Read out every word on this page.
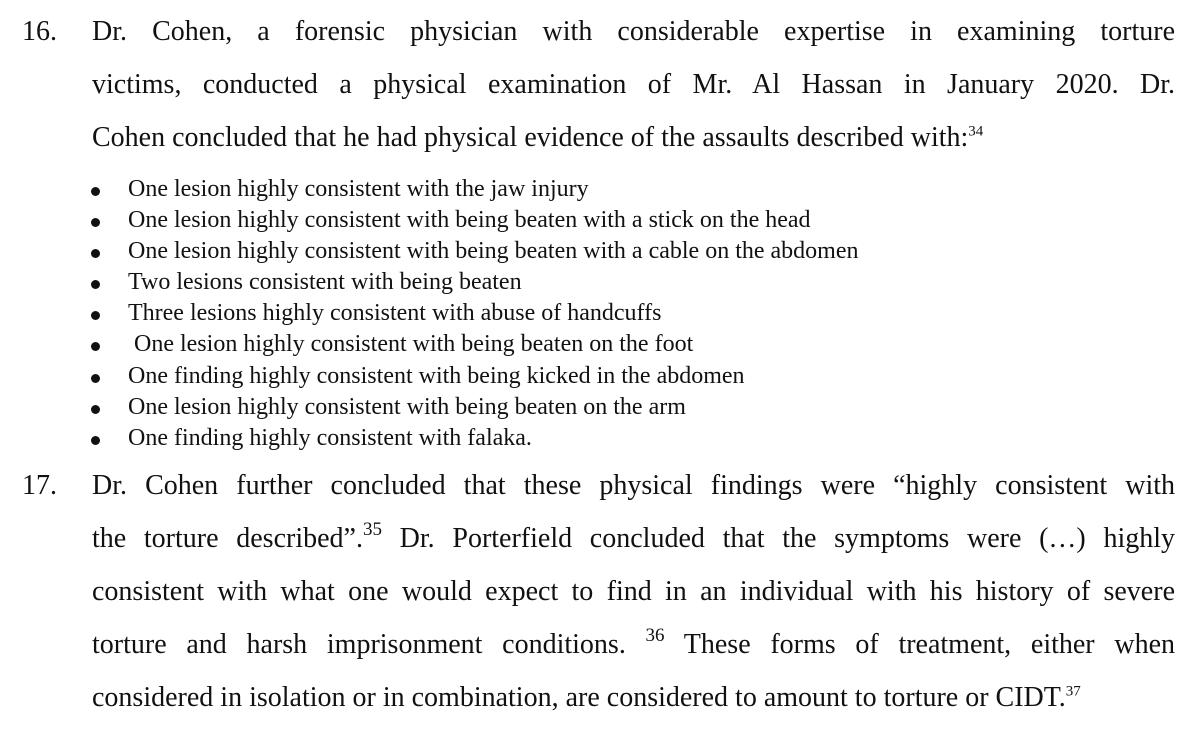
16. Dr. Cohen, a forensic physician with considerable expertise in examining torture
victims, conducted a physical examination of Mr. Al Hassan in January 2020. Dr.
Cohen concluded that he had physical evidence of the assaults described with:$^{34}$
One lesion highly consistent with the jaw injury
One lesion highly consistent with being beaten with a stick on the head
One lesion highly consistent with being beaten with a cable on the abdomen
Two lesions consistent with being beaten
Three lesions highly consistent with abuse of handcuffs
One lesion highly consistent with being beaten on the foot
One finding highly consistent with being kicked in the abdomen
One lesion highly consistent with being beaten on the arm
One finding highly consistent with falaka.
17. Dr. Cohen further concluded that these physical findings were “highly consistent with
the torture described”.$^{35}$ Dr. Porterfield concluded that the symptoms were (…) highly
consistent with what one would expect to find in an individual with his history of severe
torture and harsh imprisonment conditions. $^{36}$ These forms of treatment, either when
considered in isolation or in combination, are considered to amount to torture or CIDT.$^{37}$
